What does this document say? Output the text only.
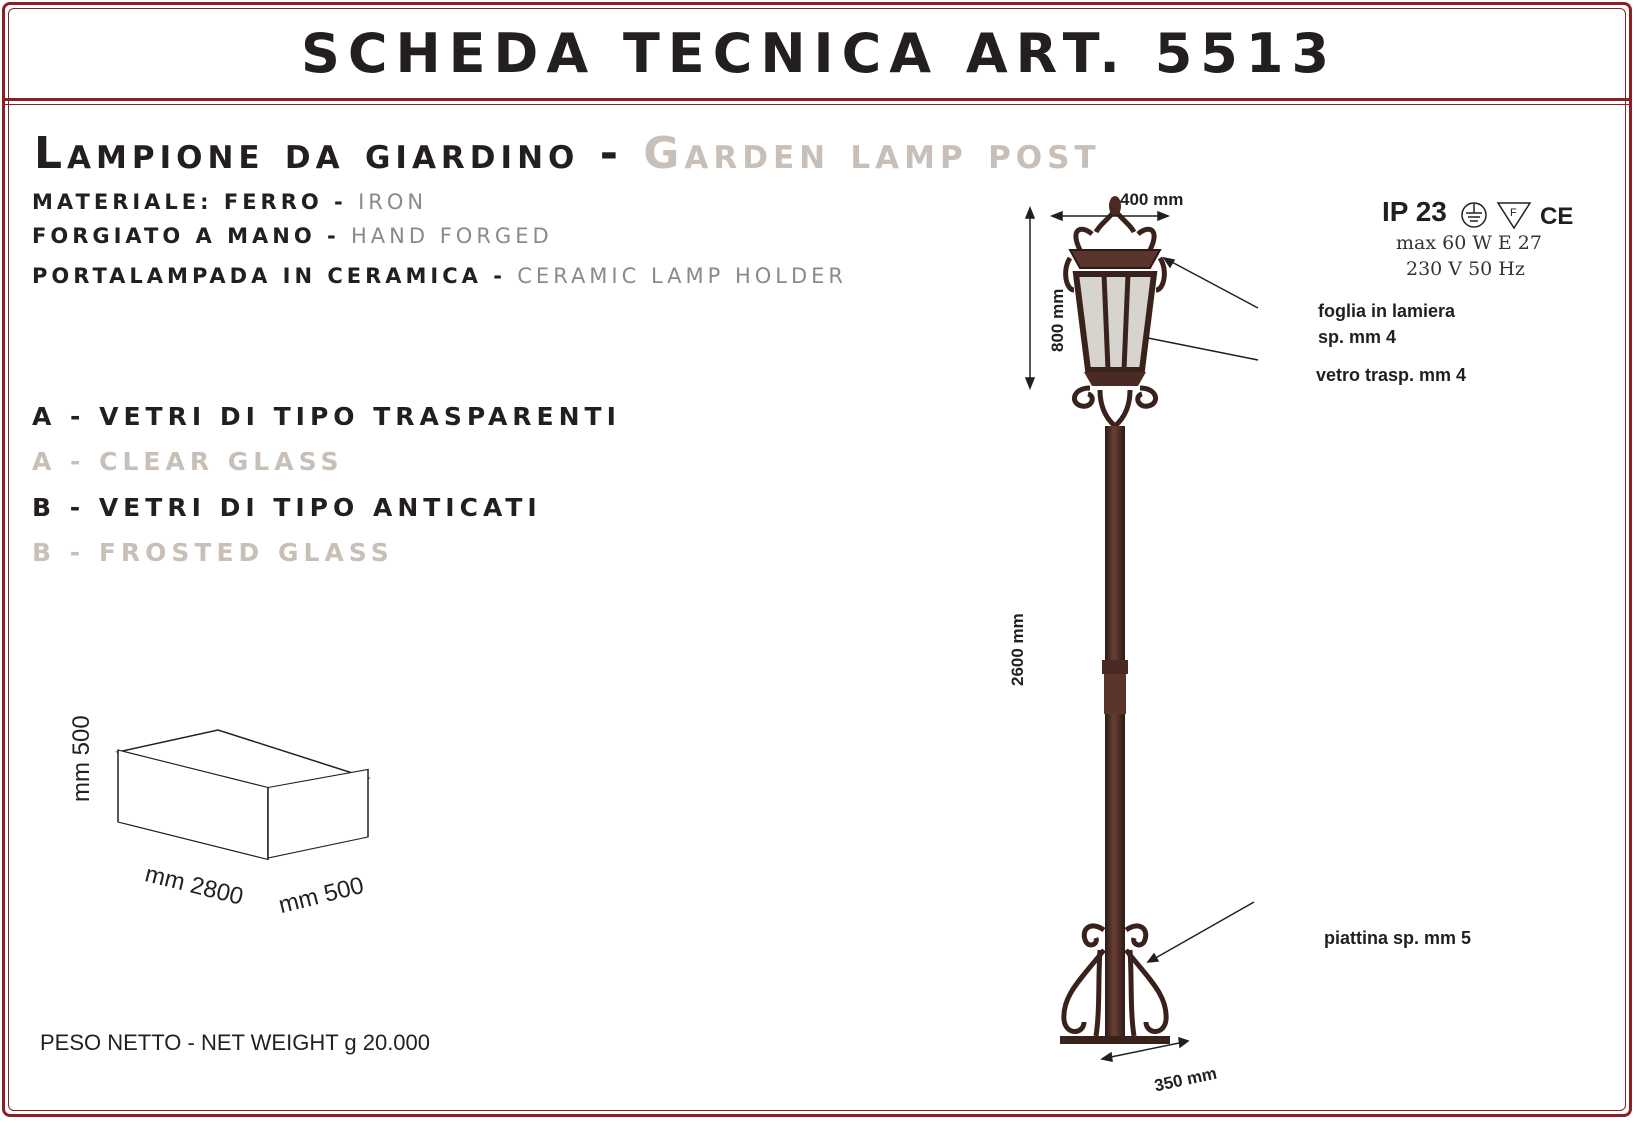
SCHEDA TECNICA ART. 5513
Lampione da giardino - Garden lamp post
MATERIALE: FERRO - IRON
FORGIATO A MANO - HAND FORGED
PORTALAMPADA IN CERAMICA - CERAMIC LAMP HOLDER
A - VETRI DI TIPO TRASPARENTI
A - CLEAR GLASS
B - VETRI DI TIPO ANTICATI
B - FROSTED GLASS
mm 500
mm 2800 mm 500
PESO NETTO - NET WEIGHT g 20.000
IP 23	F CE
max 60 W E 27
230 V 50 Hz
400 mm
800 mm
2600 mm
350 mm
foglia in lamiera
sp. mm 4
vetro trasp. mm 4
piattina sp. mm 5
